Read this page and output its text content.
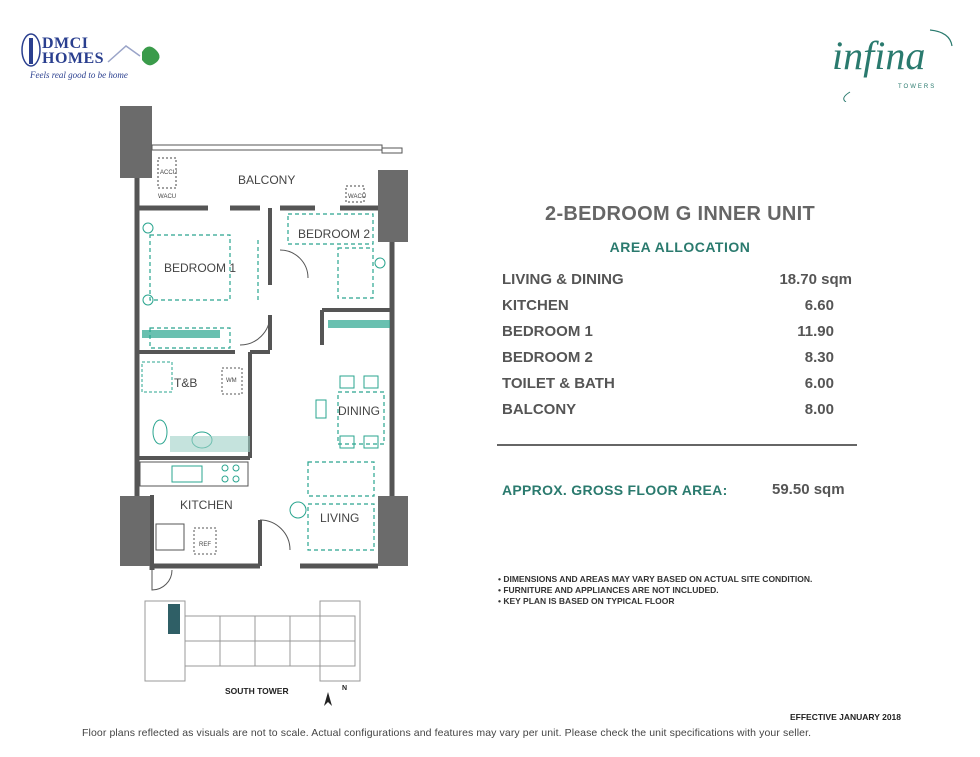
DMCI
HOMES
Feels real good to be home	infina
TOWERS
BALCONY
BEDROOM 1
BEDROOM 2
T&B
DINING
KITCHEN
LIVING
WM
REF
WACU	WACU
ACCU
SOUTH TOWER	N
2-BEDROOM G INNER UNIT
AREA ALLOCATION
LIVING & DINING	18.70 sqm
KITCHEN	6.60
BEDROOM 1	11.90
BEDROOM 2	8.30
TOILET & BATH	6.00
BALCONY	8.00
APPROX. GROSS FLOOR AREA:	59.50 sqm
• DIMENSIONS AND AREAS MAY VARY BASED ON ACTUAL SITE CONDITION.
• FURNITURE AND APPLIANCES ARE NOT INCLUDED.
• KEY PLAN IS BASED ON TYPICAL FLOOR
EFFECTIVE JANUARY 2018
Floor plans reflected as visuals are not to scale. Actual configurations and features may vary per unit. Please check the unit specifications with your seller.
